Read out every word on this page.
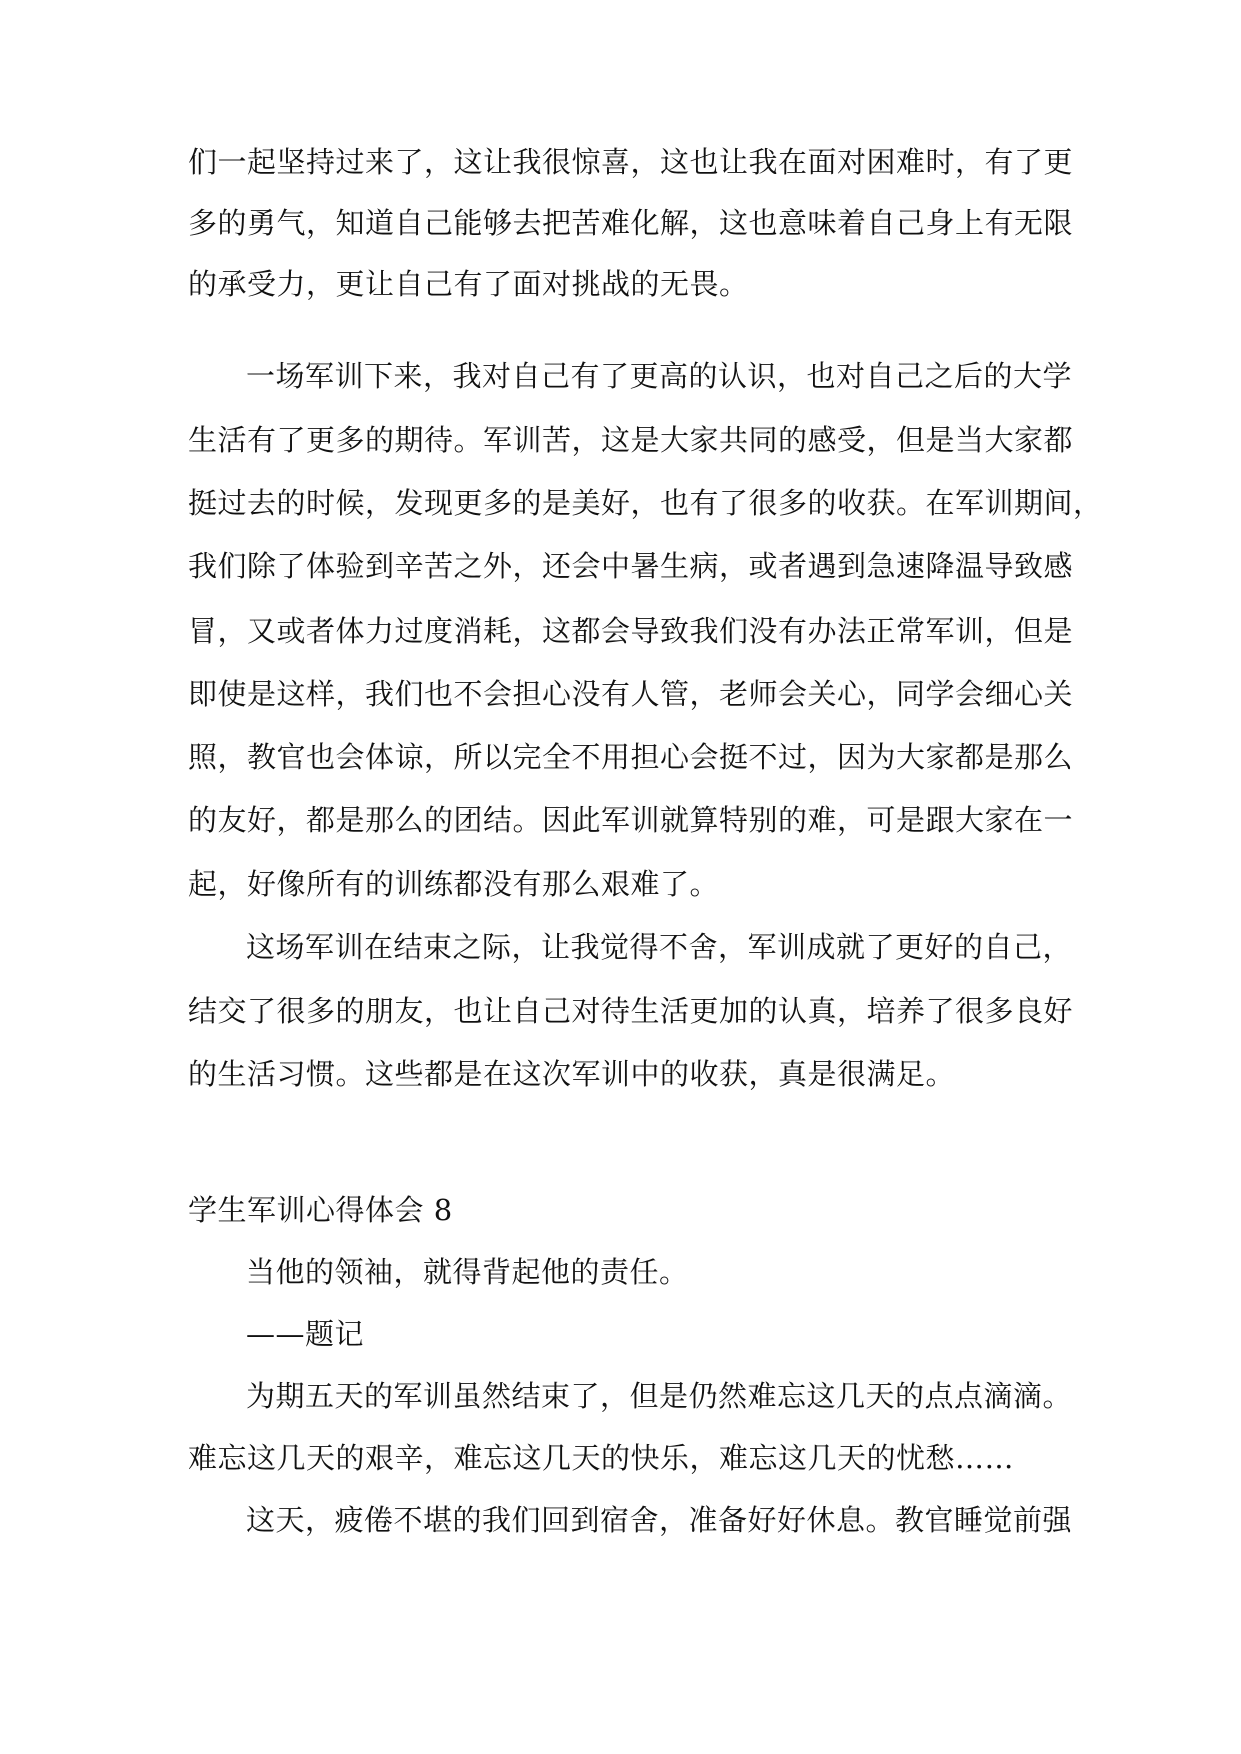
们一起坚持过来了，这让我很惊喜，这也让我在面对困难时，有了更
多的勇气，知道自己能够去把苦难化解，这也意味着自己身上有无限
的承受力，更让自己有了面对挑战的无畏。
一场军训下来，我对自己有了更高的认识，也对自己之后的大学
生活有了更多的期待。军训苦，这是大家共同的感受，但是当大家都
挺过去的时候，发现更多的是美好，也有了很多的收获。在军训期间，
我们除了体验到辛苦之外，还会中暑生病，或者遇到急速降温导致感
冒，又或者体力过度消耗，这都会导致我们没有办法正常军训，但是
即使是这样，我们也不会担心没有人管，老师会关心，同学会细心关
照，教官也会体谅，所以完全不用担心会挺不过，因为大家都是那么
的友好，都是那么的团结。因此军训就算特别的难，可是跟大家在一
起，好像所有的训练都没有那么艰难了。
这场军训在结束之际，让我觉得不舍，军训成就了更好的自己，
结交了很多的朋友，也让自己对待生活更加的认真，培养了很多良好
的生活习惯。这些都是在这次军训中的收获，真是很满足。
学生军训心得体会 8
当他的领袖，就得背起他的责任。
——题记
为期五天的军训虽然结束了，但是仍然难忘这几天的点点滴滴。
难忘这几天的艰辛，难忘这几天的快乐，难忘这几天的忧愁……
这天，疲倦不堪的我们回到宿舍，准备好好休息。教官睡觉前强
